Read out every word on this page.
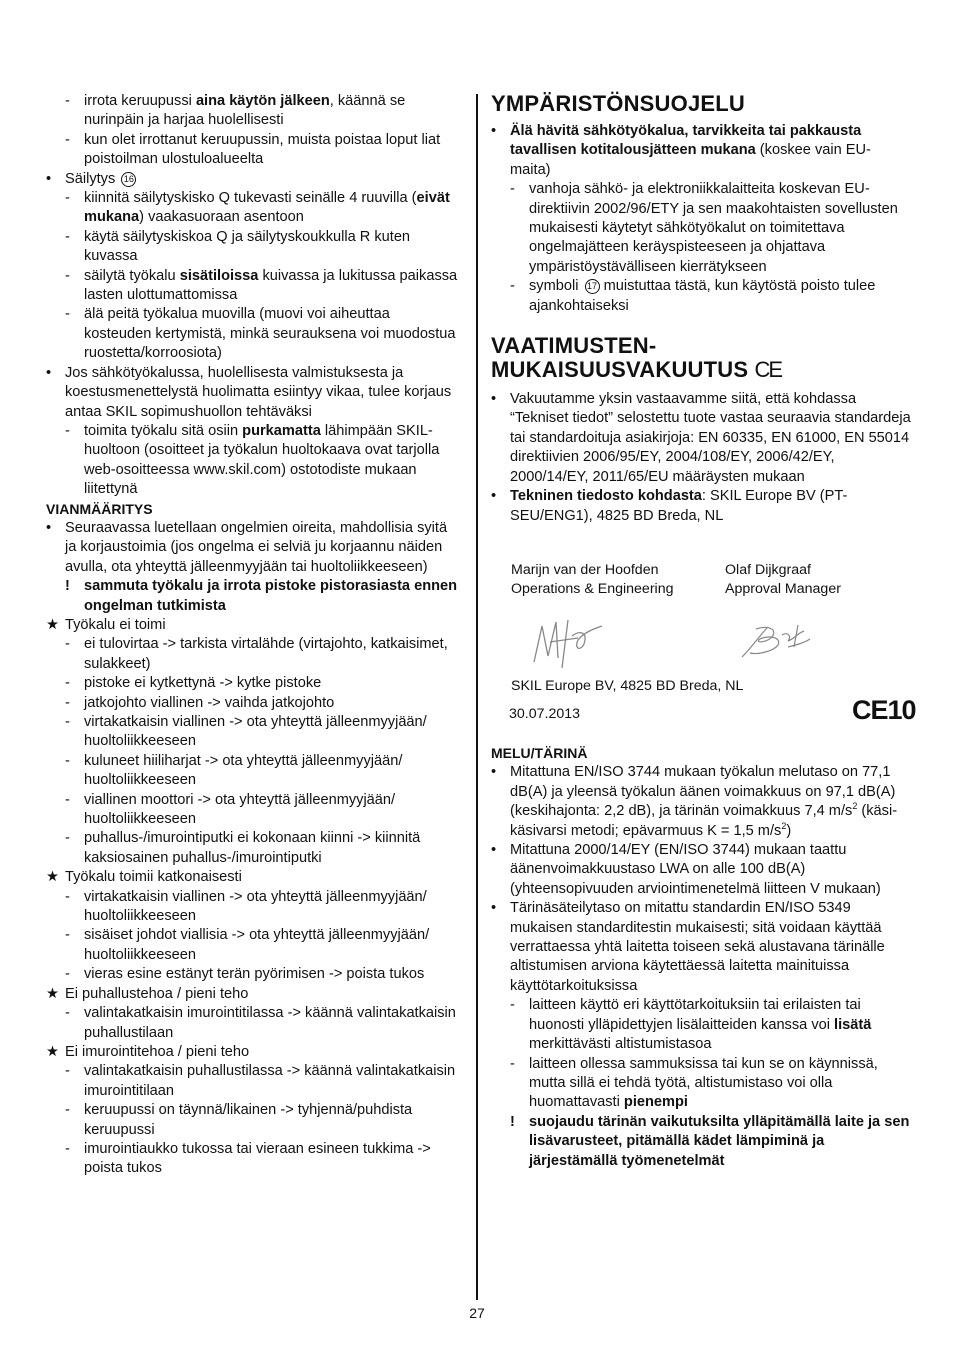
- irrota keruupussi aina käytön jälkeen, käännä se nurinpäin ja harjaa huolellisesti
- kun olet irrottanut keruupussin, muista poistaa loput liat poistoilman ulostuloalueelta
• Säilytys 16
- kiinnitä säilytyskisko Q tukevasti seinälle 4 ruuvilla (eivät mukana) vaakasuoraan asentoon
- käytä säilytyskiskoa Q ja säilytyskoukkulla R kuten kuvassa
- säilytä työkalu sisätiloissa kuivassa ja lukitussa paikassa lasten ulottumattomissa
- älä peitä työkalua muovilla (muovi voi aiheuttaa kosteuden kertymistä, minkä seurauksena voi muodostua ruostetta/korroosiota)
• Jos sähkötyökalussa, huolellisesta valmistuksesta ja koestusmenettelystä huolimatta esiintyy vikaa, tulee korjaus antaa SKIL sopimushuollon tehtäväksi
- toimita työkalu sitä osiin purkamatta lähimpään SKIL-huoltoon (osoitteet ja työkalun huoltokaava ovat tarjolla web-osoitteessa www.skil.com) ostotodiste mukaan liitettynä
VIANMÄÄRITYS
• Seuraavassa luetellaan ongelmien oireita, mahdollisia syitä ja korjaustoimia (jos ongelma ei selviä ju korjaannu näiden avulla, ota yhteyttä jälleenmyyjään tai huoltoliikkeeseen)
! sammuta työkalu ja irrota pistoke pistorasiasta ennen ongelman tutkimista
★ Työkalu ei toimi
- ei tulovirtaa -> tarkista virtalähde (virtajohto, katkaisimet, sulakkeet)
- pistoke ei kytkettynä -> kytke pistoke
- jatkojohto viallinen -> vaihda jatkojohto
- virtakatkaisin viallinen -> ota yhteyttä jälleenmyyjään/ huoltoliikkeeseen
- kuluneet hiiliharjat -> ota yhteyttä jälleenmyyjään/ huoltoliikkeeseen
- viallinen moottori -> ota yhteyttä jälleenmyyjään/ huoltoliikkeeseen
- puhallus-/imurointiputki ei kokonaan kiinni -> kiinnitä kaksiosainen puhallus-/imurointiputki
★ Työkalu toimii katkonaisesti
- virtakatkaisin viallinen -> ota yhteyttä jälleenmyyjään/ huoltoliikkeeseen
- sisäiset johdot viallisia -> ota yhteyttä jälleenmyyjään/ huoltoliikkeeseen
- vieras esine estänyt terän pyörimisen -> poista tukos
★ Ei puhallustehoa / pieni teho
- valintakatkaisin imurointitilassa -> käännä valintakatkaisin puhallustilaan
★ Ei imurointitehoa / pieni teho
- valintakatkaisin puhallustilassa -> käännä valintakatkaisin imurointitilaan
- keruupussi on täynnä/likainen -> tyhjennä/puhdista keruupussi
- imurointiaukko tukossa tai vieraan esineen tukkima -> poista tukos
YMPÄRISTÖNSUOJELU
• Älä hävitä sähkötyökalua, tarvikkeita tai pakkausta tavallisen kotitalousjätteen mukana (koskee vain EU-maita)
- vanhoja sähkö- ja elektroniikkalaitteita koskevan EU-direktiivin 2002/96/ETY ja sen maakohtaisten sovellusten mukaisesti käytetyt sähkötyökalut on toimitettava ongelmajätteen keräyspisteeseen ja ohjattava ympäristöystävälliseen kierrätykseen
- symboli 17 muistuttaa tästä, kun käytöstä poisto tulee ajankohtaiseksi
VAATIMUSTEN-
MUKAISUUSVAKUUTUS CE
• Vakuutamme yksin vastaavamme siitä, että kohdassa “Tekniset tiedot” selostettu tuote vastaa seuraavia standardeja tai standardoituja asiakirjoja: EN 60335, EN 61000, EN 55014 direktiivien 2006/95/EY, 2004/108/EY, 2006/42/EY, 2000/14/EY, 2011/65/EU määräysten mukaan
• Tekninen tiedosto kohdasta: SKIL Europe BV (PT-SEU/ENG1), 4825 BD Breda, NL
Marijn van der Hoofden
Operations & Engineering
Olaf Dijkgraaf
Approval Manager
SKIL Europe BV, 4825 BD Breda, NL
30.07.2013	CE10
MELU/TÄRINÄ
• Mitattuna EN/ISO 3744 mukaan työkalun melutaso on 77,1 dB(A) ja yleensä työkalun äänen voimakkuus on 97,1 dB(A) (keskihajonta: 2,2 dB), ja tärinän voimakkuus 7,4 $m/s^2$ (käsi-käsivarsi metodi; epävarmuus K = 1,5 $m/s^2$)
• Mitattuna 2000/14/EY (EN/ISO 3744) mukaan taattu äänenvoimakkuustaso LWA on alle 100 dB(A) (yhteensopivuuden arviointimenetelmä liitteen V mukaan)
• Tärinäsäteilytaso on mitattu standardin EN/ISO 5349 mukaisen standarditestin mukaisesti; sitä voidaan käyttää verrattaessa yhtä laitetta toiseen sekä alustavana tärinälle altistumisen arviona käytettäessä laitetta mainituissa käyttötarkoituksissa
- laitteen käyttö eri käyttötarkoituksiin tai erilaisten tai huonosti ylläpidettyjen lisälaitteiden kanssa voi lisätä merkittävästi altistumistasoa
- laitteen ollessa sammuksissa tai kun se on käynnissä, mutta sillä ei tehdä työtä, altistumistaso voi olla huomattavasti pienempi
! suojaudu tärinän vaikutuksilta ylläpitämällä laite ja sen lisävarusteet, pitämällä kädet lämpiminä ja järjestämällä työmenetelmät
27
